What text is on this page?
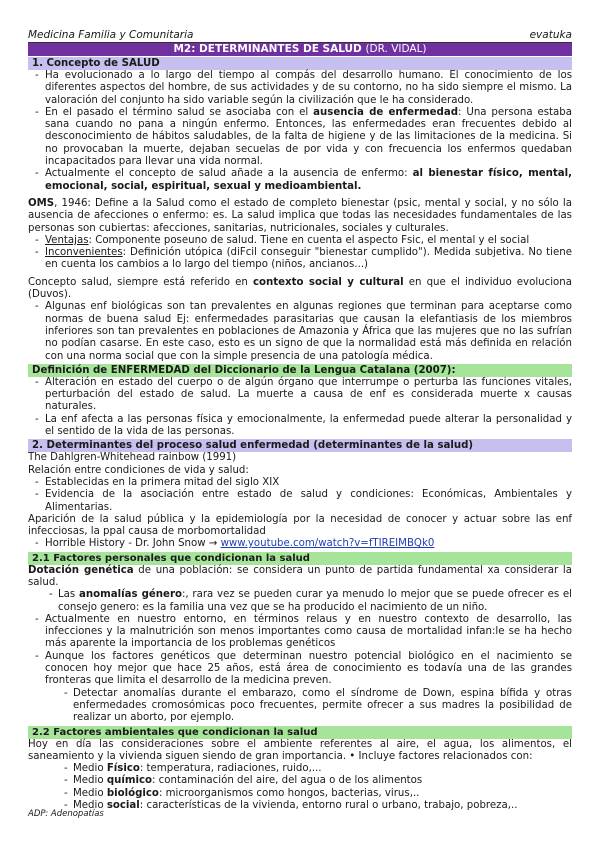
Medicina Familia y Comunitaria	evatuka
M2: DETERMINANTES DE SALUD (DR. VIDAL)
1. Concepto de SALUD
- Ha evolucionado a lo largo del tiempo al compás del desarrollo humano. El conocimiento de los diferentes aspectos del hombre, de sus actividades y de su contorno, no ha sido siempre el mismo. La valoración del conjunto ha sido variable según la civilización que le ha considerado.
- En el pasado el término salud se asociaba con el ausencia de enfermedad: Una persona estaba sana cuando no pana a ningún enfermo. Entonces, las enfermedades eran frecuentes debido al desconocimiento de hábitos saludables, de la falta de higiene y de las limitaciones de la medicina. Si no provocaban la muerte, dejaban secuelas de por vida y con frecuencia los enfermos quedaban incapacitados para llevar una vida normal.
- Actualmente el concepto de salud añade a la ausencia de enfermo: al bienestar físico, mental, emocional, social, espiritual, sexual y medioambiental.

OMS, 1946: Define a la Salud como el estado de completo bienestar (psic, mental y social, y no sólo la ausencia de afecciones o enfermo: es. La salud implica que todas las necesidades fundamentales de las personas son cubiertas: afecciones, sanitarias, nutricionales, sociales y culturales.

- Ventajas: Componente poseuno de salud. Tiene en cuenta el aspecto Fsic, el mental y el social
- Inconvenientes: Definición utópica (diFcil conseguir "bienestar cumplido"). Medida subjetiva. No tiene en cuenta los cambios a lo largo del tiempo (niños, ancianos...)

Concepto salud, siempre está referido en contexto social y cultural en que el individuo evoluciona (Duvos).

- Algunas enf biológicas son tan prevalentes en algunas regiones que terminan para aceptarse como normas de buena salud Ej: enfermedades parasitarias que causan la elefantiasis de los miembros inferiores son tan prevalentes en poblaciones de Amazonia y África que las mujeres que no las sufrían no podían casarse. En este caso, esto es un signo de que la normalidad está más definida en relación con una norma social que con la simple presencia de una patología médica.
Definición de ENFERMEDAD del Diccionario de la Lengua Catalana (2007):
- Alteración en estado del cuerpo o de algún órgano que interrumpe o perturba las funciones vitales, perturbación del estado de salud. La muerte a causa de enf es considerada muerte x causas naturales.
- La enf afecta a las personas física y emocionalmente, la enfermedad puede alterar la personalidad y el sentido de la vida de las personas.
2. Determinantes del proceso salud enfermedad (determinantes de la salud)

The Dahlgren-Whitehead rainbow (1991)

Relación entre condiciones de vida y salud:

- Establecidas en la primera mitad del siglo XIX
- Evidencia de la asociación entre estado de salud y condiciones: Económicas, Ambientales y Alimentarias.

Aparición de la salud pública y la epidemiología por la necesidad de conocer y actuar sobre las enf infecciosas, la ppal causa de morbomortalidad

- Horrible History - Dr. John Snow → www.youtube.com/watch?v=fTIREIMBQk0
2.1 Factores personales que condicionan la salud

Dotación genética de una población: se considera un punto de partida fundamental xa considerar la salud.

- Las anomalías género:, rara vez se pueden curar ya menudo lo mejor que se puede ofrecer es el consejo genero: es la familia una vez que se ha producido el nacimiento de un niño.
- Actualmente en nuestro entorno, en términos relaus y en nuestro contexto de desarrollo, las infecciones y la malnutrición son menos importantes como causa de mortalidad infan:le se ha hecho más aparente la importancia de los problemas genéticos
- Aunque los factores genéticos que determinan nuestro potencial biológico en el nacimiento se conocen hoy mejor que hace 25 años, está área de conocimiento es todavía una de las grandes fronteras que limita el desarrollo de la medicina preven.
- Detectar anomalías durante el embarazo, como el síndrome de Down, espina bífida y otras enfermedades cromosómicas poco frecuentes, permite ofrecer a sus madres la posibilidad de realizar un aborto, por ejemplo.
2.2 Factores ambientales que condicionan la salud

Hoy en día las consideraciones sobre el ambiente referentes al aire, el agua, los alimentos, el saneamiento y la vivienda siguen siendo de gran importancia. • Incluye factores relacionados con:

- Medio Físico: temperatura, radiaciones, ruido,...
- Medio químico: contaminación del aire, del agua o de los alimentos
- Medio biológico: microorganismos como hongos, bacterias, virus,..
- Medio social: características de la vivienda, entorno rural o urbano, trabajo, pobreza,..
ADP: Adenopatías
